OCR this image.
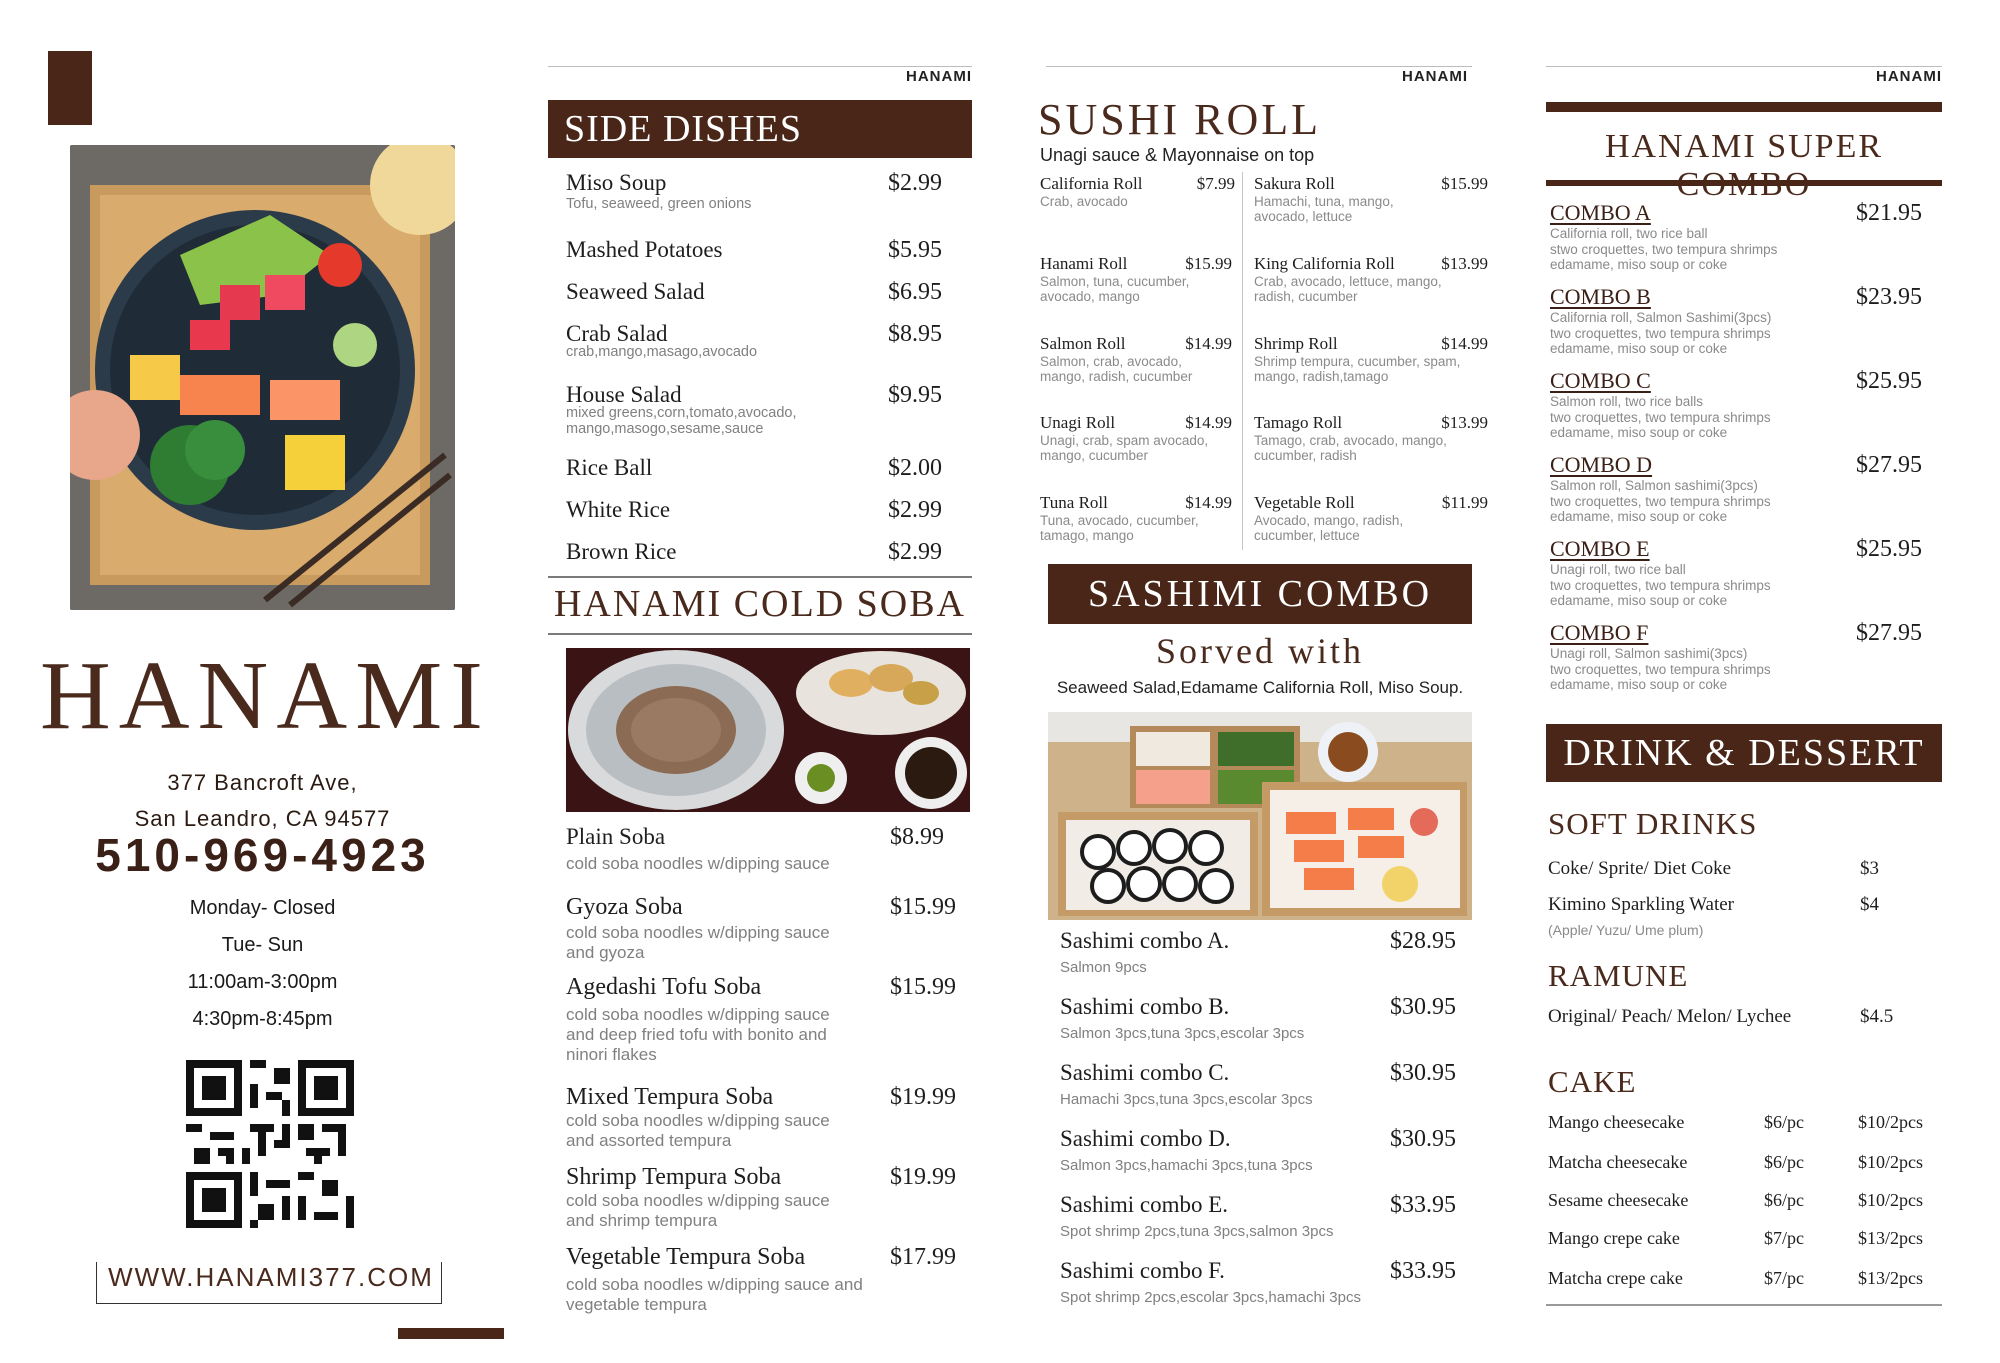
HANAMI
377 Bancroft Ave,
San Leandro, CA 94577
510-969-4923
Monday- Closed
Tue- Sun
11:00am-3:00pm
4:30pm-8:45pm
WWW.HANAMI377.COM
HANAMI
SIDE DISHES
Miso Soup
Tofu, seaweed, green onions
$2.99
Mashed Potatoes	$5.95
Seaweed Salad	$6.95
Crab Salad
crab,mango,masago,avocado
$8.95
House Salad
mixed greens,corn,tomato,avocado, mango,masogo,sesame,sauce
$9.95
Rice Ball	$2.00
White Rice	$2.99
Brown Rice	$2.99
HANAMI COLD SOBA
Plain Soba
cold soba noodles w/dipping sauce
$8.99
Gyoza Soba
cold soba noodles w/dipping sauce and gyoza
$15.99
Agedashi Tofu Soba
cold soba noodles w/dipping sauce and deep fried tofu with bonito and ninori flakes
$15.99
Mixed Tempura Soba
cold soba noodles w/dipping sauce and assorted tempura
$19.99
Shrimp Tempura Soba
cold soba noodles w/dipping sauce and shrimp tempura
$19.99
Vegetable Tempura Soba
cold soba noodles w/dipping sauce and vegetable tempura
$17.99
HANAMI
SUSHI ROLL
Unagi sauce & Mayonnaise on top
California Roll	$7.99
Crab, avocado
Hanami Roll	$15.99
Salmon, tuna, cucumber, avocado, mango
Salmon Roll	$14.99
Salmon, crab, avocado, mango, radish, cucumber
Unagi Roll	$14.99
Unagi, crab, spam avocado, mango, cucumber
Tuna Roll	$14.99
Tuna, avocado, cucumber, tamago, mango
Sakura Roll	$15.99
Hamachi, tuna, mango, avocado, lettuce
King California Roll	$13.99
Crab, avocado, lettuce, mango, radish, cucumber
Shrimp Roll	$14.99
Shrimp tempura, cucumber, spam, mango, radish,tamago
Tamago Roll	$13.99
Tamago, crab, avocado, mango, cucumber, radish
Vegetable Roll	$11.99
Avocado, mango, radish, cucumber, lettuce
SASHIMI COMBO
Sorved with
Seaweed Salad,Edamame California Roll, Miso Soup.
Sashimi combo A.
Salmon 9pcs
$28.95
Sashimi combo B.
Salmon 3pcs,tuna 3pcs,escolar 3pcs
$30.95
Sashimi combo C.
Hamachi 3pcs,tuna 3pcs,escolar 3pcs
$30.95
Sashimi combo D.
Salmon 3pcs,hamachi 3pcs,tuna 3pcs
$30.95
Sashimi combo E.
Spot shrimp 2pcs,tuna 3pcs,salmon 3pcs
$33.95
Sashimi combo F.
Spot shrimp 2pcs,escolar 3pcs,hamachi 3pcs
$33.95
HANAMI
HANAMI SUPER
COMBO A
California roll, two rice ball
stwo croquettes, two tempura shrimps
edamame, miso soup or coke
$21.95
COMBO B
California roll, Salmon Sashimi(3pcs)
two croquettes, two tempura shrimps
edamame, miso soup or coke
$23.95
COMBO C
Salmon roll, two rice balls
two croquettes, two tempura shrimps
edamame, miso soup or coke
$25.95
COMBO D
Salmon roll, Salmon sashimi(3pcs)
two croquettes, two tempura shrimps
edamame, miso soup or coke
$27.95
COMBO E
Unagi roll, two rice ball
two croquettes, two tempura shrimps
edamame, miso soup or coke
$25.95
COMBO F
Unagi roll, Salmon sashimi(3pcs)
two croquettes, two tempura shrimps
edamame, miso soup or coke
$27.95
DRINK & DESSERT
SOFT DRINKS
Coke/ Sprite/ Diet Coke	$3
Kimino Sparkling Water	$4
(Apple/ Yuzu/ Ume plum)
RAMUNE
Original/ Peach/ Melon/ Lychee	$4.5
CAKE
Mango cheesecake	$6/pc	$10/2pcs
Matcha cheesecake	$6/pc	$10/2pcs
Sesame cheesecake	$6/pc	$10/2pcs
Mango crepe cake	$7/pc	$13/2pcs
Matcha crepe cake	$7/pc	$13/2pcs
